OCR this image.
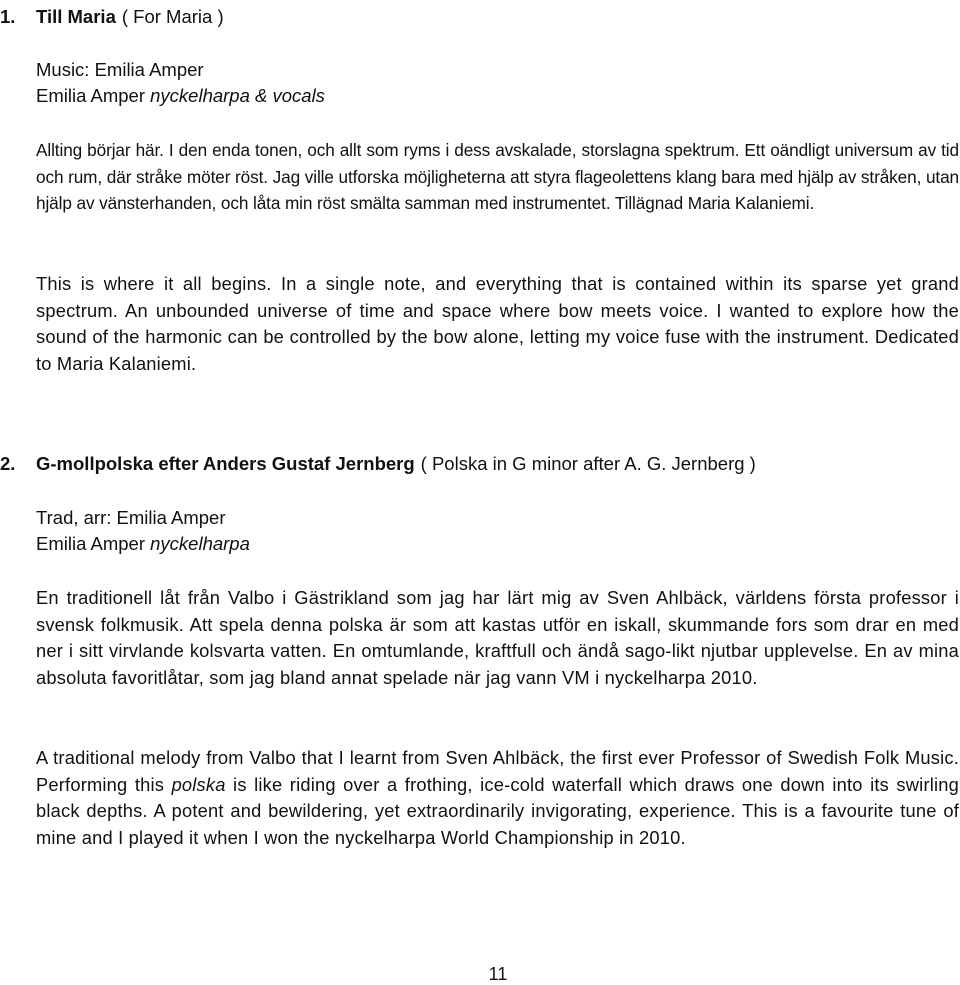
1. Till Maria ( For Maria )
Music: Emilia Amper
Emilia Amper nyckelharpa & vocals

Allting börjar här. I den enda tonen, och allt som ryms i dess avskalade, storslagna spektrum. Ett oändligt universum av tid och rum, där stråke möter röst. Jag ville utforska möjligheterna att styra flageolettens klang bara med hjälp av stråken, utan hjälp av vänsterhanden, och låta min röst smälta samman med instrumentet. Tillägnad Maria Kalaniemi.

This is where it all begins. In a single note, and everything that is contained within its sparse yet grand spectrum. An unbounded universe of time and space where bow meets voice. I wanted to explore how the sound of the harmonic can be controlled by the bow alone, letting my voice fuse with the instrument. Dedicated to Maria Kalaniemi.

2. G-mollpolska efter Anders Gustaf Jernberg ( Polska in G minor after A. G. Jernberg )
Trad, arr: Emilia Amper
Emilia Amper nyckelharpa

En traditionell låt från Valbo i Gästrikland som jag har lärt mig av Sven Ahlbäck, världens första professor i svensk folkmusik. Att spela denna polska är som att kastas utför en iskall, skummande fors som drar en med ner i sitt virvlande kolsvarta vatten. En omtumlande, kraftfull och ändå sago-likt njutbar upplevelse. En av mina absoluta favoritlåtar, som jag bland annat spelade när jag vann VM i nyckelharpa 2010.

A traditional melody from Valbo that I learnt from Sven Ahlbäck, the first ever Professor of Swedish Folk Music. Performing this polska is like riding over a frothing, ice-cold waterfall which draws one down into its swirling black depths. A potent and bewildering, yet extraordinarily invigorating, experience. This is a favourite tune of mine and I played it when I won the nyckelharpa World Championship in 2010.

11
